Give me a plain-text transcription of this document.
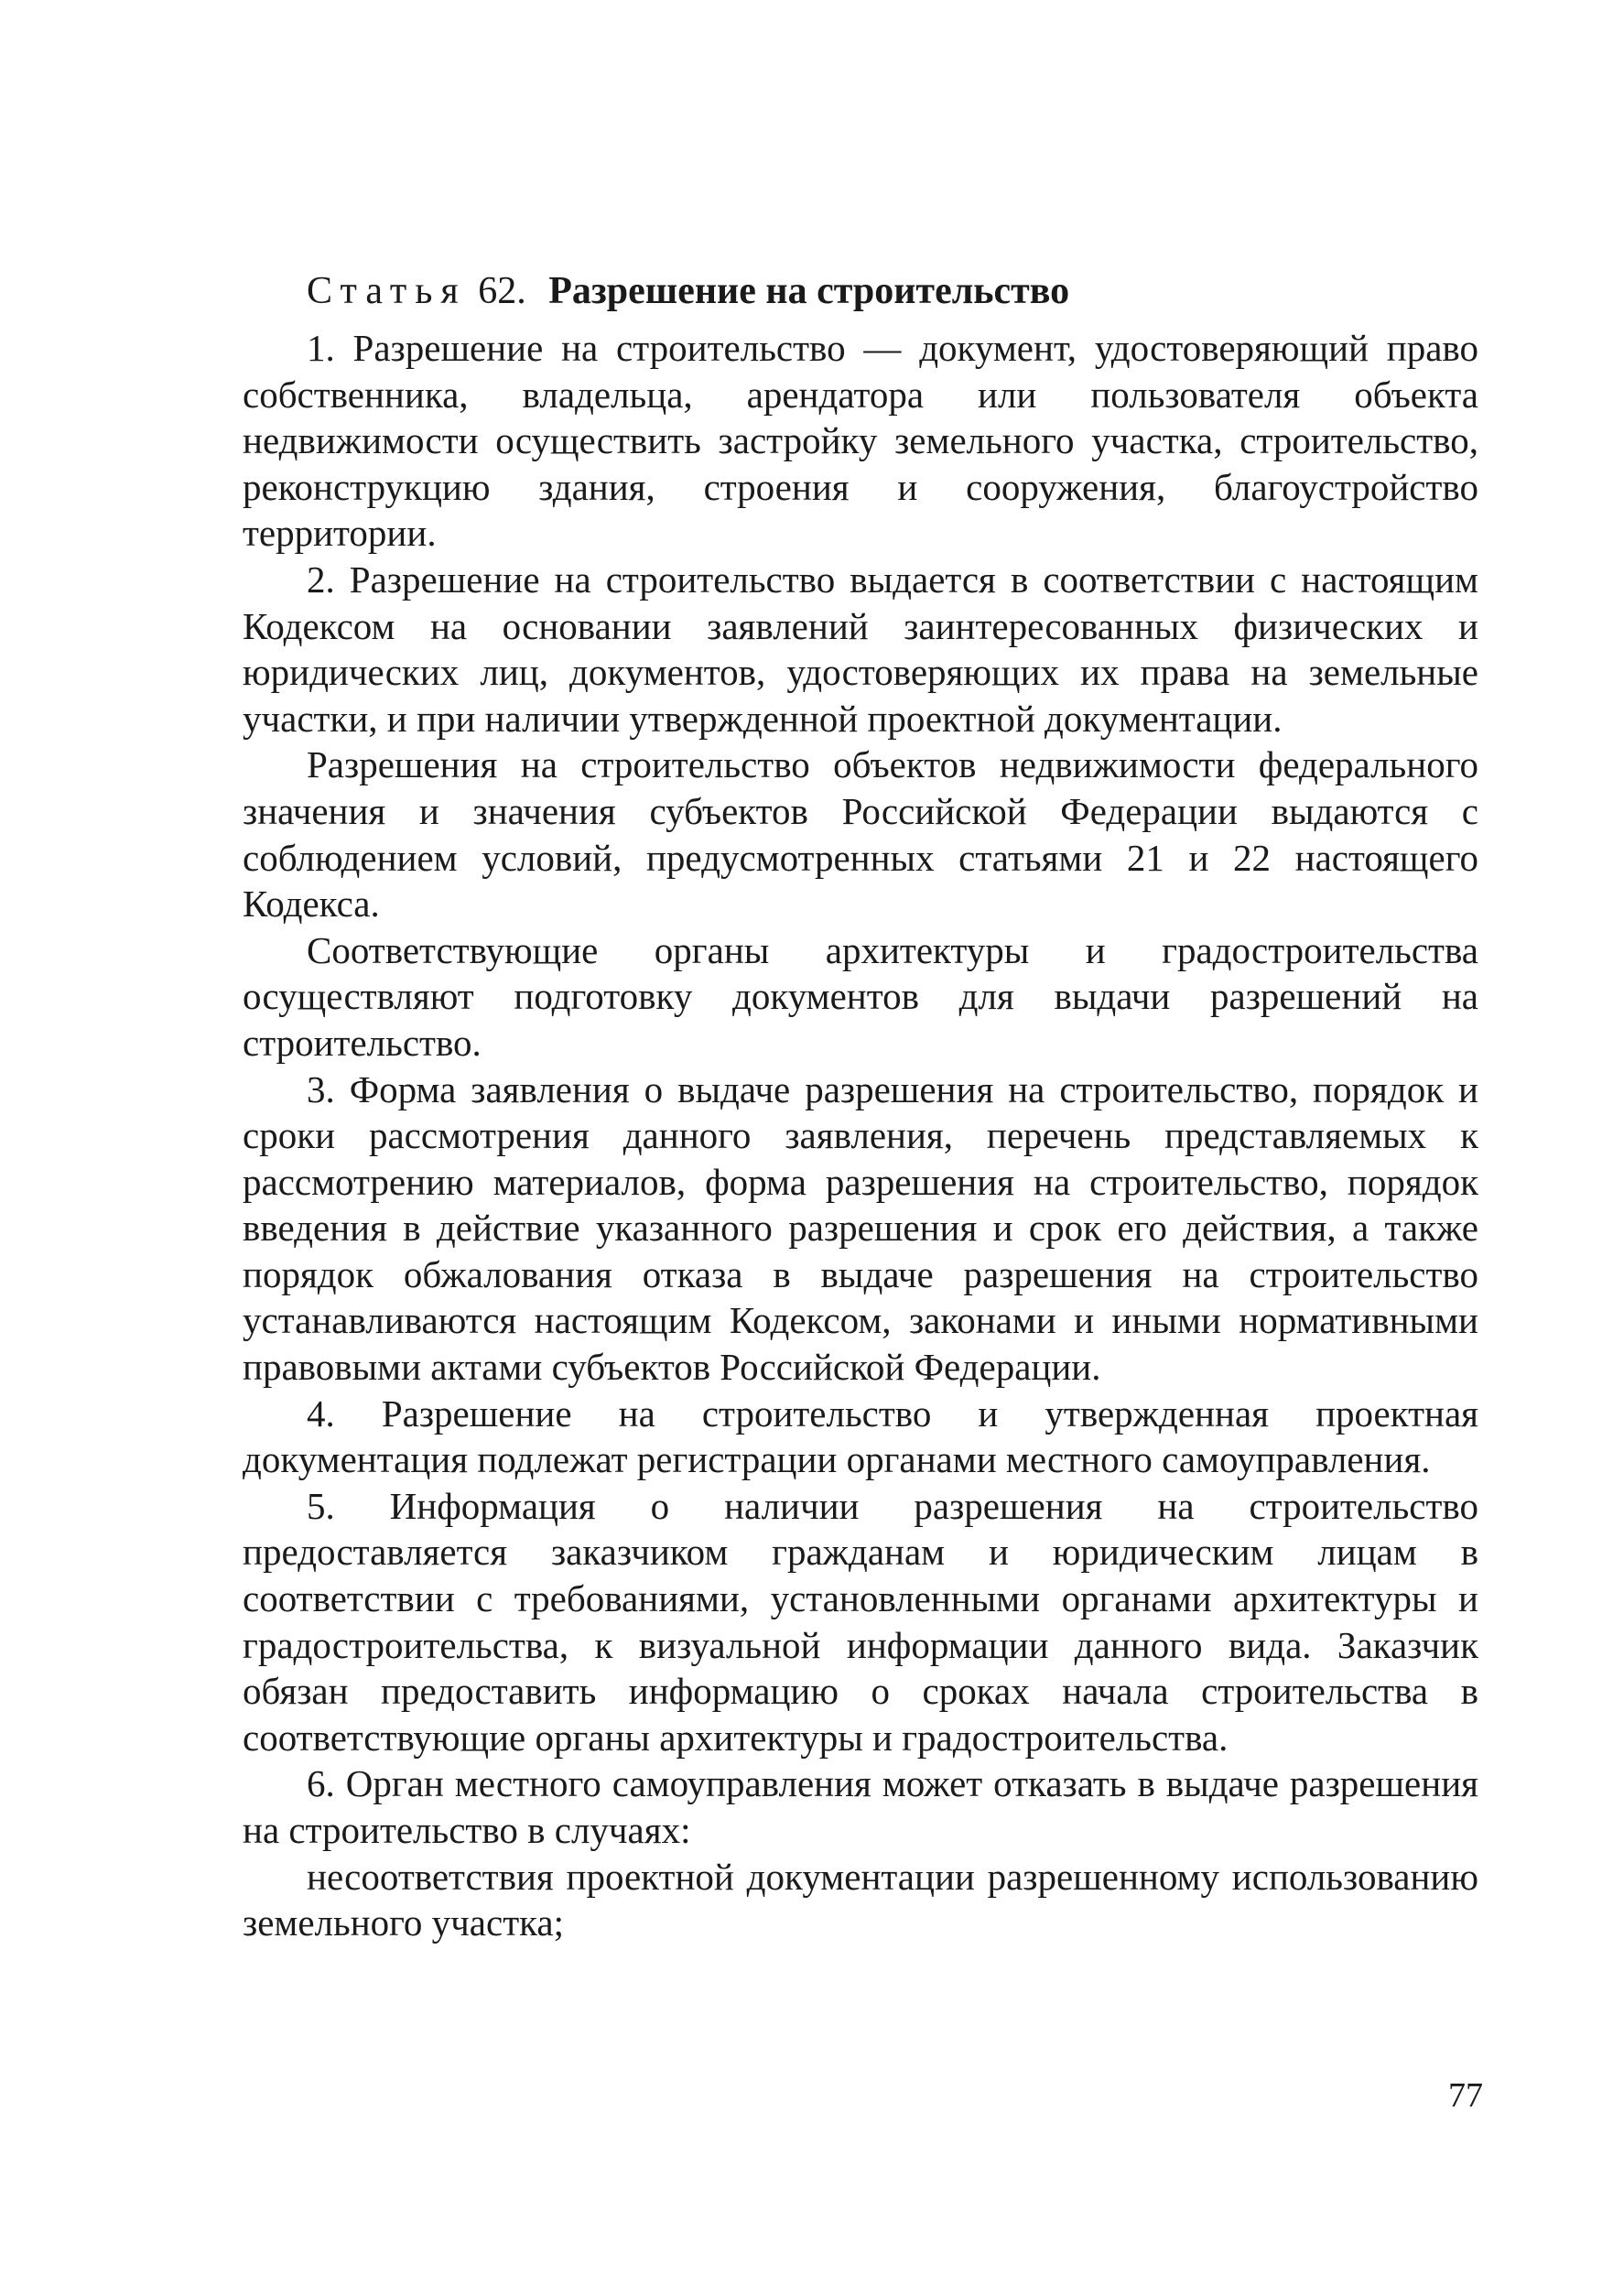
Статья 62. Разрешение на строительство

1. Разрешение на строительство — документ, удостоверяющий право собственника, владельца, арендатора или пользователя объекта недвижимости осуществить застройку земельного участка, строительство, реконструкцию здания, строения и сооружения, благоустройство территории.

2. Разрешение на строительство выдается в соответствии с настоящим Кодексом на основании заявлений заинтересованных физических и юридических лиц, документов, удостоверяющих их права на земельные участки, и при наличии утвержденной проектной документации.

Разрешения на строительство объектов недвижимости федерального значения и значения субъектов Российской Федерации выдаются с соблюдением условий, предусмотренных статьями 21 и 22 настоящего Кодекса.

Соответствующие органы архитектуры и градостроительства осуществляют подготовку документов для выдачи разрешений на строительство.

3. Форма заявления о выдаче разрешения на строительство, порядок и сроки рассмотрения данного заявления, перечень представляемых к рассмотрению материалов, форма разрешения на строительство, порядок введения в действие указанного разрешения и срок его действия, а также порядок обжалования отказа в выдаче разрешения на строительство устанавливаются настоящим Кодексом, законами и иными нормативными правовыми актами субъектов Российской Федерации.

4. Разрешение на строительство и утвержденная проектная документация подлежат регистрации органами местного самоуправления.

5. Информация о наличии разрешения на строительство предоставляется заказчиком гражданам и юридическим лицам в соответствии с требованиями, установленными органами архитектуры и градостроительства, к визуальной информации данного вида. Заказчик обязан предоставить информацию о сроках начала строительства в соответствующие органы архитектуры и градостроительства.

6. Орган местного самоуправления может отказать в выдаче разрешения на строительство в случаях:

несоответствия проектной документации разрешенному использованию земельного участка;

77
